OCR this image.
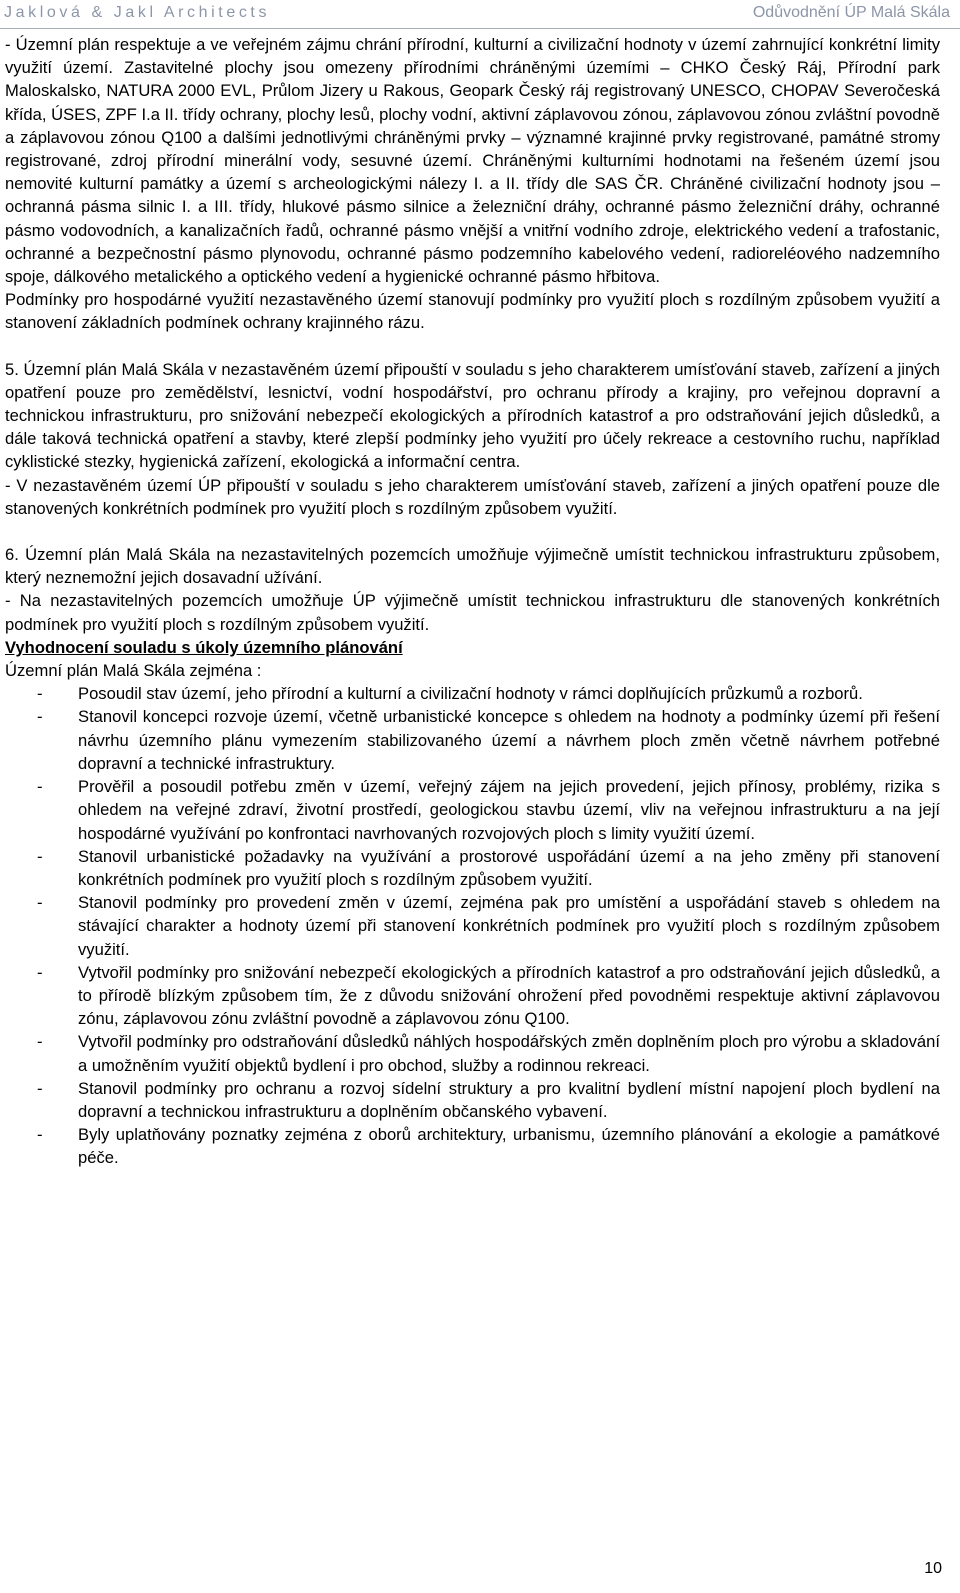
Jaklová & Jakl Architects	Odůvodnění ÚP Malá Skála

- Územní plán respektuje a ve veřejném zájmu chrání přírodní, kulturní a civilizační hodnoty v území zahrnující konkrétní limity využití území. Zastavitelné plochy jsou omezeny přírodními chráněnými územími – CHKO Český Ráj, Přírodní park Maloskalsko, NATURA 2000 EVL, Průlom Jizery u Rakous, Geopark Český ráj registrovaný UNESCO, CHOPAV Severočeská křída, ÚSES, ZPF I.a II. třídy ochrany, plochy lesů, plochy vodní, aktivní záplavovou zónou, záplavovou zónou zvláštní povodně a záplavovou zónou Q100 a dalšími jednotlivými chráněnými prvky – významné krajinné prvky registrované, památné stromy registrované, zdroj přírodní minerální vody, sesuvné území. Chráněnými kulturními hodnotami na řešeném území jsou nemovité kulturní památky a území s archeologickými nálezy I. a II. třídy dle SAS ČR. Chráněné civilizační hodnoty jsou – ochranná pásma silnic I. a III. třídy, hlukové pásmo silnice a železniční dráhy, ochranné pásmo železniční dráhy, ochranné pásmo vodovodních, a kanalizačních řadů, ochranné pásmo vnější a vnitřní vodního zdroje, elektrického vedení a trafostanic, ochranné a bezpečnostní pásmo plynovodu, ochranné pásmo podzemního kabelového vedení, radioreléového nadzemního spoje, dálkového metalického a optického vedení a hygienické ochranné pásmo hřbitova.

Podmínky pro hospodárné využití nezastavěného území stanovují podmínky pro využití ploch s rozdílným způsobem využití a stanovení základních podmínek ochrany krajinného rázu.

5. Územní plán Malá Skála v nezastavěném území připouští v souladu s jeho charakterem umísťování staveb, zařízení a jiných opatření pouze pro zemědělství, lesnictví, vodní hospodářství, pro ochranu přírody a krajiny, pro veřejnou dopravní a technickou infrastrukturu, pro snižování nebezpečí ekologických a přírodních katastrof a pro odstraňování jejich důsledků, a dále taková technická opatření a stavby, které zlepší podmínky jeho využití pro účely rekreace a cestovního ruchu, například cyklistické stezky, hygienická zařízení, ekologická a informační centra.

- V nezastavěném území ÚP připouští v souladu s jeho charakterem umísťování staveb, zařízení a jiných opatření pouze dle stanovených konkrétních podmínek pro využití ploch s rozdílným způsobem využití.

6. Územní plán Malá Skála na nezastavitelných pozemcích umožňuje výjimečně umístit technickou infrastrukturu způsobem, který neznemožní jejich dosavadní užívání.

- Na nezastavitelných pozemcích umožňuje ÚP výjimečně umístit technickou infrastrukturu dle stanovených konkrétních podmínek pro využití ploch s rozdílným způsobem využití.

Vyhodnocení souladu s úkoly územního plánování

Územní plán Malá Skála zejména :

- Posoudil stav území, jeho přírodní a kulturní a civilizační hodnoty v rámci doplňujících průzkumů a rozborů.
- Stanovil koncepci rozvoje území, včetně urbanistické koncepce s ohledem na hodnoty a podmínky území při řešení návrhu územního plánu vymezením stabilizovaného území a návrhem ploch změn včetně návrhem potřebné dopravní a technické infrastruktury.
- Prověřil a posoudil potřebu změn v území, veřejný zájem na jejich provedení, jejich přínosy, problémy, rizika s ohledem na veřejné zdraví, životní prostředí, geologickou stavbu území, vliv na veřejnou infrastrukturu a na její hospodárné využívání po konfrontaci navrhovaných rozvojových ploch s limity využití území.
- Stanovil urbanistické požadavky na využívání a prostorové uspořádání území a na jeho změny při stanovení konkrétních podmínek pro využití ploch s rozdílným způsobem využití.
- Stanovil podmínky pro provedení změn v území, zejména pak pro umístění a uspořádání staveb s ohledem na stávající charakter a hodnoty území při stanovení konkrétních podmínek pro využití ploch s rozdílným způsobem využití.
- Vytvořil podmínky pro snižování nebezpečí ekologických a přírodních katastrof a pro odstraňování jejich důsledků, a to přírodě blízkým způsobem tím, že z důvodu snižování ohrožení před povodněmi respektuje aktivní záplavovou zónu, záplavovou zónu zvláštní povodně a záplavovou zónu Q100.
- Vytvořil podmínky pro odstraňování důsledků náhlých hospodářských změn doplněním ploch pro výrobu a skladování a umožněním využití objektů bydlení i pro obchod, služby a rodinnou rekreaci.
- Stanovil podmínky pro ochranu a rozvoj sídelní struktury a pro kvalitní bydlení místní napojení ploch bydlení na dopravní a technickou infrastrukturu a doplněním občanského vybavení.
- Byly uplatňovány poznatky zejména z oborů architektury, urbanismu, územního plánování a ekologie a památkové péče.
10
